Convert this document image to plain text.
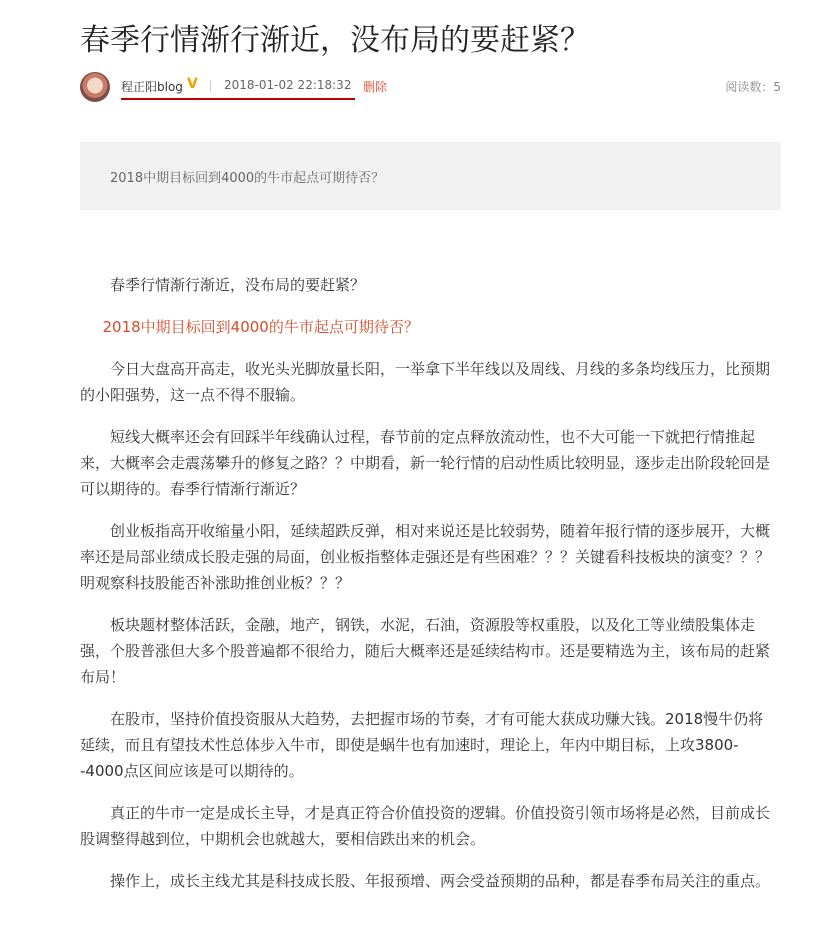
春季行情渐行渐近，没布局的要赶紧？
程正阳blog V 2018-01-02 22:18:32 删除	阅读数：5
2018中期目标回到4000的牛市起点可期待否？

春季行情渐行渐近，没布局的要赶紧？

2018中期目标回到4000的牛市起点可期待否？

今日大盘高开高走，收光头光脚放量长阳，一举拿下半年线以及周线、月线的多条均线压力，比预期的小阳强势，这一点不得不服输。

短线大概率还会有回踩半年线确认过程，春节前的定点释放流动性，也不大可能一下就把行情推起来，大概率会走震荡攀升的修复之路？？中期看，新一轮行情的启动性质比较明显，逐步走出阶段轮回是可以期待的。春季行情渐行渐近？

创业板指高开收缩量小阳，延续超跌反弹，相对来说还是比较弱势，随着年报行情的逐步展开，大概率还是局部业绩成长股走强的局面，创业板指整体走强还是有些困难？？？关键看科技板块的演变？？？明观察科技股能否补涨助推创业板？？？

板块题材整体活跃，金融，地产，钢铁，水泥，石油，资源股等权重股，以及化工等业绩股集体走强，个股普涨但大多个股普遍都不很给力，随后大概率还是延续结构市。还是要精选为主，该布局的赶紧布局！

在股市，坚持价值投资服从大趋势，去把握市场的节奏，才有可能大获成功赚大钱。2018慢牛仍将延续，而且有望技术性总体步入牛市，即使是蜗牛也有加速时，理论上，年内中期目标，上攻3800--4000点区间应该是可以期待的。

真正的牛市一定是成长主导，才是真正符合价值投资的逻辑。价值投资引领市场将是必然，目前成长股调整得越到位，中期机会也就越大，要相信跌出来的机会。

操作上，成长主线尤其是科技成长股、年报预增、两会受益预期的品种，都是春季布局关注的重点。
